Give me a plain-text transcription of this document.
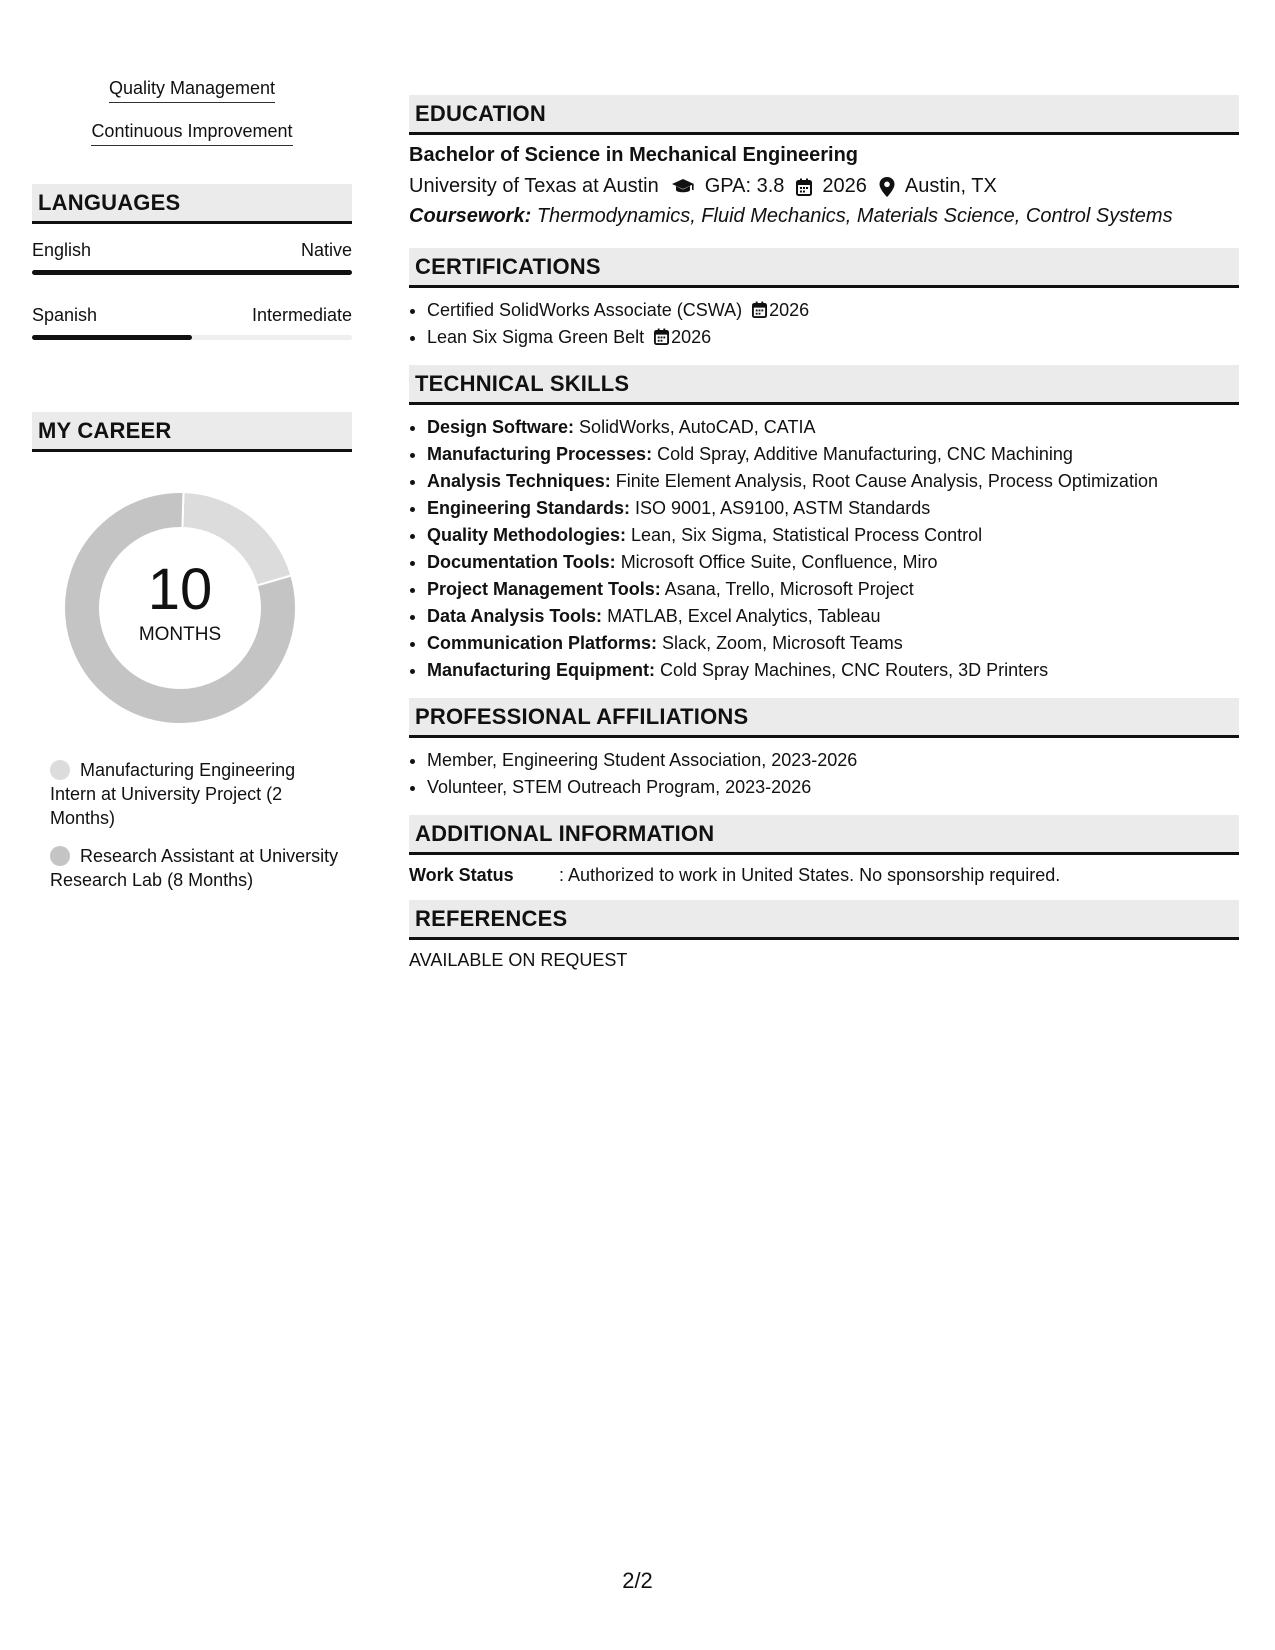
Quality Management
Continuous Improvement
LANGUAGES
English	Native
Spanish	Intermediate
MY CAREER
10
MONTHS
Manufacturing Engineering Intern at University Project (2 Months)
Research Assistant at University Research Lab (8 Months)
EDUCATION
Bachelor of Science in Mechanical Engineering
University of Texas at Austin GPA: 3.8 2026 Austin, TX
Coursework: Thermodynamics, Fluid Mechanics, Materials Science, Control Systems
CERTIFICATIONS
• Certified SolidWorks Associate (CSWA) 2026
• Lean Six Sigma Green Belt 2026
TECHNICAL SKILLS
• Design Software: SolidWorks, AutoCAD, CATIA
• Manufacturing Processes: Cold Spray, Additive Manufacturing, CNC Machining
• Analysis Techniques: Finite Element Analysis, Root Cause Analysis, Process Optimization
• Engineering Standards: ISO 9001, AS9100, ASTM Standards
• Quality Methodologies: Lean, Six Sigma, Statistical Process Control
• Documentation Tools: Microsoft Office Suite, Confluence, Miro
• Project Management Tools: Asana, Trello, Microsoft Project
• Data Analysis Tools: MATLAB, Excel Analytics, Tableau
• Communication Platforms: Slack, Zoom, Microsoft Teams
• Manufacturing Equipment: Cold Spray Machines, CNC Routers, 3D Printers
PROFESSIONAL AFFILIATIONS
• Member, Engineering Student Association, 2023-2026
• Volunteer, STEM Outreach Program, 2023-2026
ADDITIONAL INFORMATION
Work Status	: Authorized to work in United States. No sponsorship required.
REFERENCES
AVAILABLE ON REQUEST
2/2
